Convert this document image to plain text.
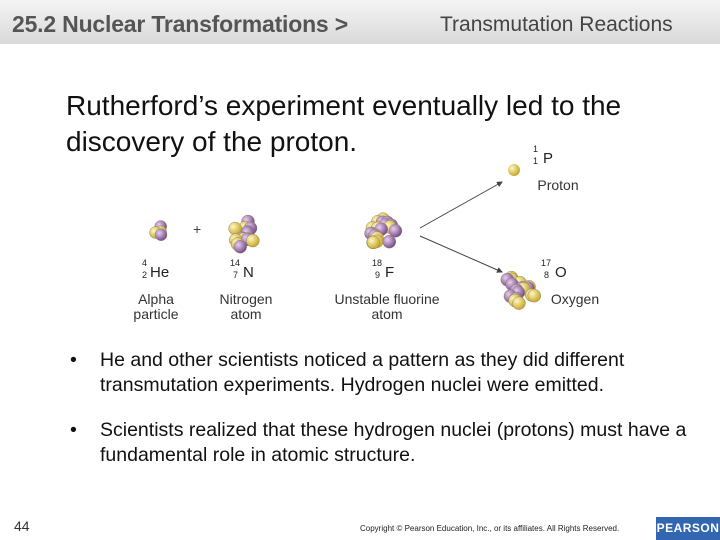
25.2 Nuclear Transformations >	Transmutation Reactions
Rutherford’s experiment eventually led to the discovery of the proton.
+
4
2 He
14
7 N
18
9 F
17
8 O
1
1 P
Alpha particle
Nitrogen atom
Unstable fluorine atom
Oxygen
Proton
• He and other scientists noticed a pattern as they did different transmutation experiments. Hydrogen nuclei were emitted.
• Scientists realized that these hydrogen nuclei (protons) must have a fundamental role in atomic structure.
44	Copyright © Pearson Education, Inc., or its affiliates. All Rights Reserved.	PEARSON
